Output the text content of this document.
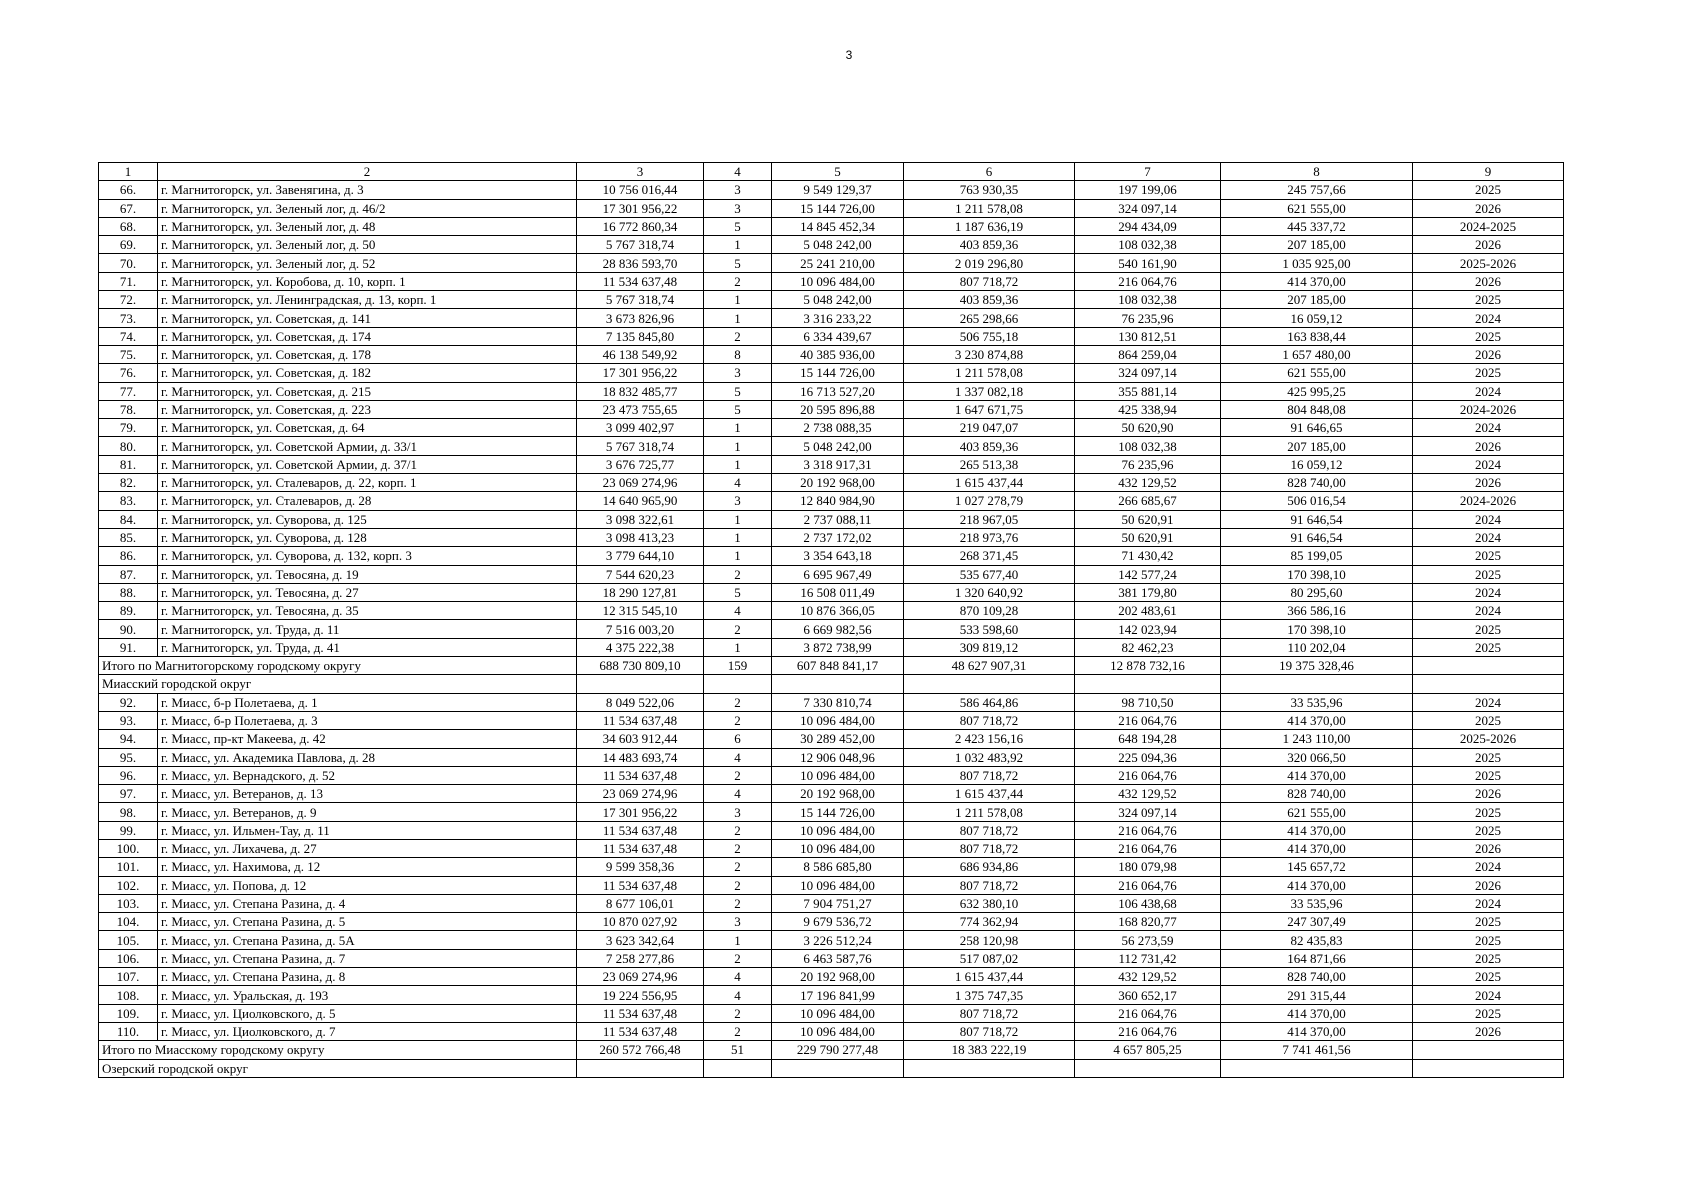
3
1	2	3	4	5	6	7	8	9
66.	г. Магнитогорск, ул. Завенягина, д. 3	10 756 016,44	3	9 549 129,37	763 930,35	197 199,06	245 757,66	2025
67.	г. Магнитогорск, ул. Зеленый лог, д. 46/2	17 301 956,22	3	15 144 726,00	1 211 578,08	324 097,14	621 555,00	2026
68.	г. Магнитогорск, ул. Зеленый лог, д. 48	16 772 860,34	5	14 845 452,34	1 187 636,19	294 434,09	445 337,72	2024-2025
69.	г. Магнитогорск, ул. Зеленый лог, д. 50	5 767 318,74	1	5 048 242,00	403 859,36	108 032,38	207 185,00	2026
70.	г. Магнитогорск, ул. Зеленый лог, д. 52	28 836 593,70	5	25 241 210,00	2 019 296,80	540 161,90	1 035 925,00	2025-2026
71.	г. Магнитогорск, ул. Коробова, д. 10, корп. 1	11 534 637,48	2	10 096 484,00	807 718,72	216 064,76	414 370,00	2026
72.	г. Магнитогорск, ул. Ленинградская, д. 13, корп. 1	5 767 318,74	1	5 048 242,00	403 859,36	108 032,38	207 185,00	2025
73.	г. Магнитогорск, ул. Советская, д. 141	3 673 826,96	1	3 316 233,22	265 298,66	76 235,96	16 059,12	2024
74.	г. Магнитогорск, ул. Советская, д. 174	7 135 845,80	2	6 334 439,67	506 755,18	130 812,51	163 838,44	2025
75.	г. Магнитогорск, ул. Советская, д. 178	46 138 549,92	8	40 385 936,00	3 230 874,88	864 259,04	1 657 480,00	2026
76.	г. Магнитогорск, ул. Советская, д. 182	17 301 956,22	3	15 144 726,00	1 211 578,08	324 097,14	621 555,00	2025
77.	г. Магнитогорск, ул. Советская, д. 215	18 832 485,77	5	16 713 527,20	1 337 082,18	355 881,14	425 995,25	2024
78.	г. Магнитогорск, ул. Советская, д. 223	23 473 755,65	5	20 595 896,88	1 647 671,75	425 338,94	804 848,08	2024-2026
79.	г. Магнитогорск, ул. Советская, д. 64	3 099 402,97	1	2 738 088,35	219 047,07	50 620,90	91 646,65	2024
80.	г. Магнитогорск, ул. Советской Армии, д. 33/1	5 767 318,74	1	5 048 242,00	403 859,36	108 032,38	207 185,00	2026
81.	г. Магнитогорск, ул. Советской Армии, д. 37/1	3 676 725,77	1	3 318 917,31	265 513,38	76 235,96	16 059,12	2024
82.	г. Магнитогорск, ул. Сталеваров, д. 22, корп. 1	23 069 274,96	4	20 192 968,00	1 615 437,44	432 129,52	828 740,00	2026
83.	г. Магнитогорск, ул. Сталеваров, д. 28	14 640 965,90	3	12 840 984,90	1 027 278,79	266 685,67	506 016,54	2024-2026
84.	г. Магнитогорск, ул. Суворова, д. 125	3 098 322,61	1	2 737 088,11	218 967,05	50 620,91	91 646,54	2024
85.	г. Магнитогорск, ул. Суворова, д. 128	3 098 413,23	1	2 737 172,02	218 973,76	50 620,91	91 646,54	2024
86.	г. Магнитогорск, ул. Суворова, д. 132, корп. 3	3 779 644,10	1	3 354 643,18	268 371,45	71 430,42	85 199,05	2025
87.	г. Магнитогорск, ул. Тевосяна, д. 19	7 544 620,23	2	6 695 967,49	535 677,40	142 577,24	170 398,10	2025
88.	г. Магнитогорск, ул. Тевосяна, д. 27	18 290 127,81	5	16 508 011,49	1 320 640,92	381 179,80	80 295,60	2024
89.	г. Магнитогорск, ул. Тевосяна, д. 35	12 315 545,10	4	10 876 366,05	870 109,28	202 483,61	366 586,16	2024
90.	г. Магнитогорск, ул. Труда, д. 11	7 516 003,20	2	6 669 982,56	533 598,60	142 023,94	170 398,10	2025
91.	г. Магнитогорск, ул. Труда, д. 41	4 375 222,38	1	3 872 738,99	309 819,12	82 462,23	110 202,04	2025
Итого по Магнитогорскому городскому округу		688 730 809,10	159	607 848 841,17	48 627 907,31	12 878 732,16	19 375 328,46	
Миасский городской округ								
92.	г. Миасс, б-р Полетаева, д. 1	8 049 522,06	2	7 330 810,74	586 464,86	98 710,50	33 535,96	2024
93.	г. Миасс, б-р Полетаева, д. 3	11 534 637,48	2	10 096 484,00	807 718,72	216 064,76	414 370,00	2025
94.	г. Миасс, пр-кт Макеева, д. 42	34 603 912,44	6	30 289 452,00	2 423 156,16	648 194,28	1 243 110,00	2025-2026
95.	г. Миасс, ул. Академика Павлова, д. 28	14 483 693,74	4	12 906 048,96	1 032 483,92	225 094,36	320 066,50	2025
96.	г. Миасс, ул. Вернадского, д. 52	11 534 637,48	2	10 096 484,00	807 718,72	216 064,76	414 370,00	2025
97.	г. Миасс, ул. Ветеранов, д. 13	23 069 274,96	4	20 192 968,00	1 615 437,44	432 129,52	828 740,00	2026
98.	г. Миасс, ул. Ветеранов, д. 9	17 301 956,22	3	15 144 726,00	1 211 578,08	324 097,14	621 555,00	2025
99.	г. Миасс, ул. Ильмен-Тау, д. 11	11 534 637,48	2	10 096 484,00	807 718,72	216 064,76	414 370,00	2025
100.	г. Миасс, ул. Лихачева, д. 27	11 534 637,48	2	10 096 484,00	807 718,72	216 064,76	414 370,00	2026
101.	г. Миасс, ул. Нахимова, д. 12	9 599 358,36	2	8 586 685,80	686 934,86	180 079,98	145 657,72	2024
102.	г. Миасс, ул. Попова, д. 12	11 534 637,48	2	10 096 484,00	807 718,72	216 064,76	414 370,00	2026
103.	г. Миасс, ул. Степана Разина, д. 4	8 677 106,01	2	7 904 751,27	632 380,10	106 438,68	33 535,96	2024
104.	г. Миасс, ул. Степана Разина, д. 5	10 870 027,92	3	9 679 536,72	774 362,94	168 820,77	247 307,49	2025
105.	г. Миасс, ул. Степана Разина, д. 5А	3 623 342,64	1	3 226 512,24	258 120,98	56 273,59	82 435,83	2025
106.	г. Миасс, ул. Степана Разина, д. 7	7 258 277,86	2	6 463 587,76	517 087,02	112 731,42	164 871,66	2025
107.	г. Миасс, ул. Степана Разина, д. 8	23 069 274,96	4	20 192 968,00	1 615 437,44	432 129,52	828 740,00	2025
108.	г. Миасс, ул. Уральская, д. 193	19 224 556,95	4	17 196 841,99	1 375 747,35	360 652,17	291 315,44	2024
109.	г. Миасс, ул. Циолковского, д. 5	11 534 637,48	2	10 096 484,00	807 718,72	216 064,76	414 370,00	2025
110.	г. Миасс, ул. Циолковского, д. 7	11 534 637,48	2	10 096 484,00	807 718,72	216 064,76	414 370,00	2026
Итого по Миасскому городскому округу		260 572 766,48	51	229 790 277,48	18 383 222,19	4 657 805,25	7 741 461,56	
Озерский городской округ								
